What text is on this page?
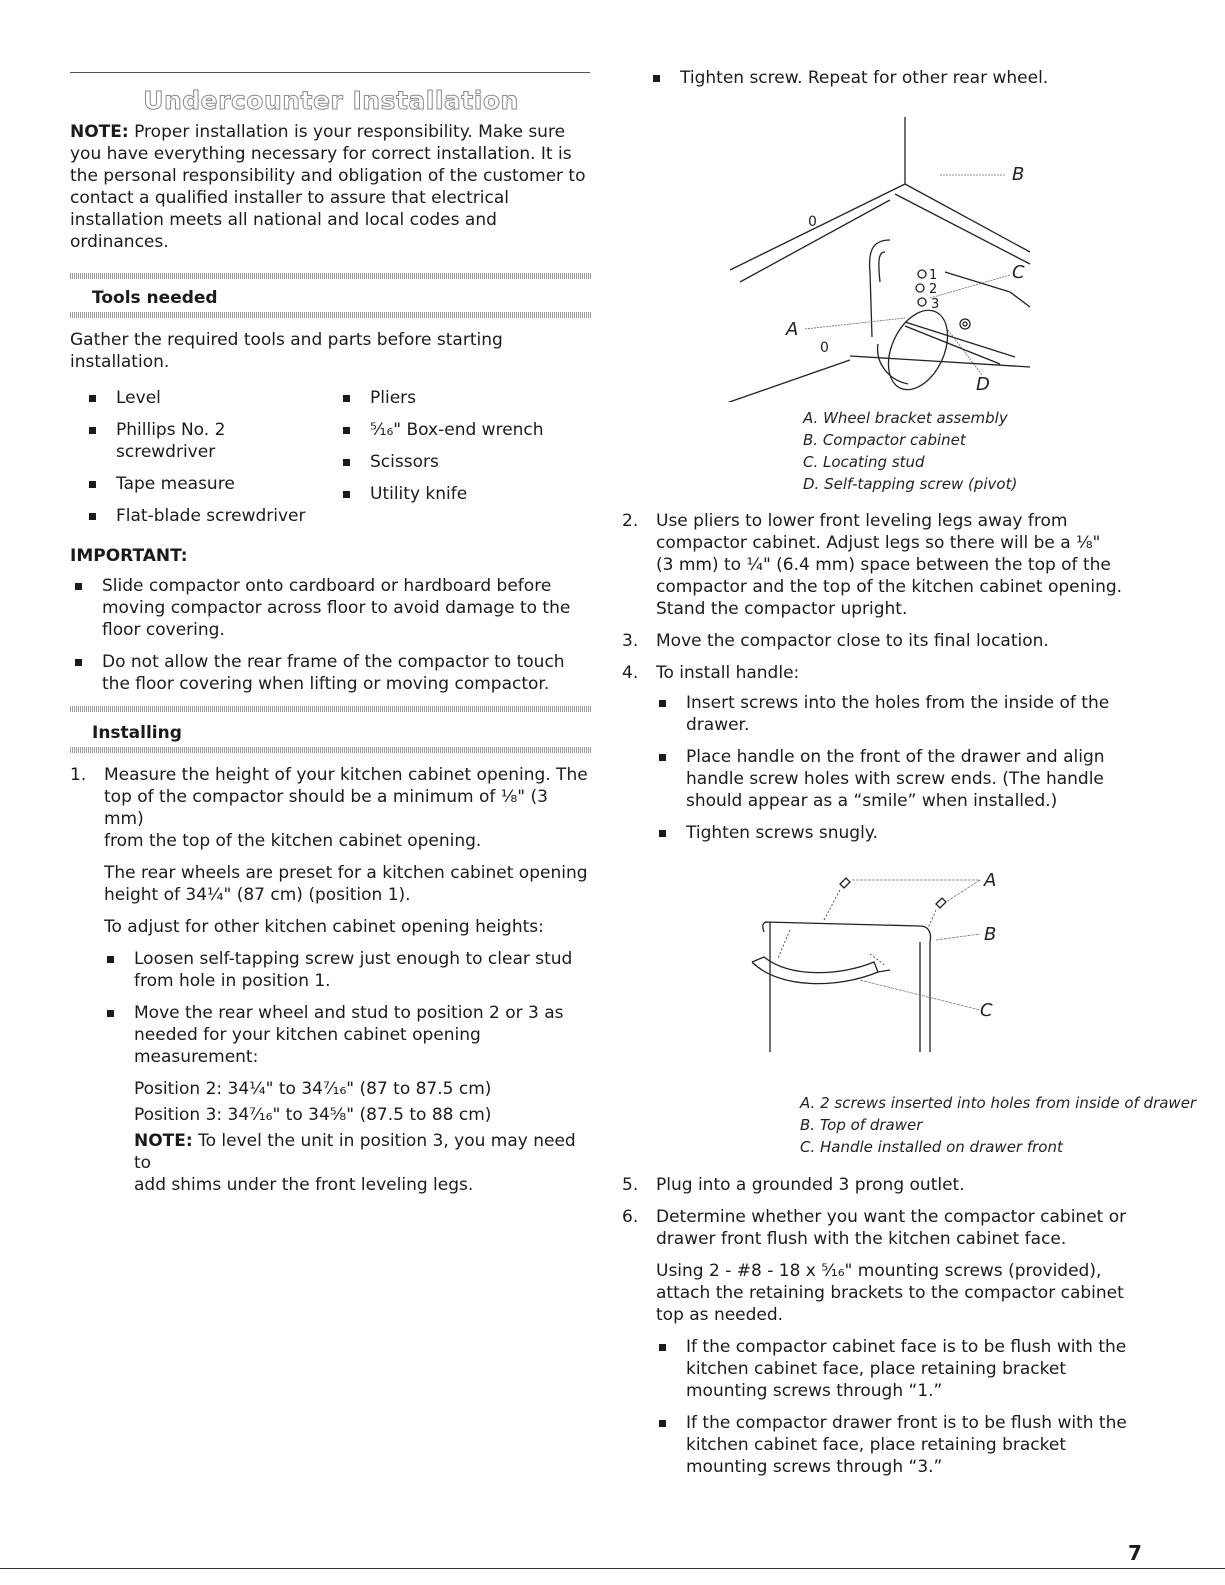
Undercounter Installation

NOTE: Proper installation is your responsibility. Make sure

you have everything necessary for correct installation. It is

the personal responsibility and obligation of the customer to

contact a qualified installer to assure that electrical

installation meets all national and local codes and

ordinances.

Tools needed

Gather the required tools and parts before starting

installation.

Level
Phillips No. 2
screwdriver
Tape measure
Flat-blade screwdriver
Pliers
⁵⁄₁₆" Box-end wrench
Scissors
Utility knife
IMPORTANT:

Slide compactor onto cardboard or hardboard before

moving compactor across floor to avoid damage to the

floor covering.

Do not allow the rear frame of the compactor to touch

the floor covering when lifting or moving compactor.

Installing
1. Measure the height of your kitchen cabinet opening. The

top of the compactor should be a minimum of ⅛" (3 mm)

from the top of the kitchen cabinet opening.

The rear wheels are preset for a kitchen cabinet opening

height of 34¼" (87 cm) (position 1).

To adjust for other kitchen cabinet opening heights:

Loosen self-tapping screw just enough to clear stud

from hole in position 1.

Move the rear wheel and stud to position 2 or 3 as

needed for your kitchen cabinet opening

measurement:

Position 2: 34¼" to 34⁷⁄₁₆" (87 to 87.5 cm)

Position 3: 34⁷⁄₁₆" to 34⁵⁄₈" (87.5 to 88 cm)

NOTE: To level the unit in position 3, you may need to

add shims under the front leveling legs.

Tighten screw. Repeat for other rear wheel.
B
C
A
D
1
2
3
0
0

A. Wheel bracket assembly

B. Compactor cabinet

C. Locating stud

D. Self-tapping screw (pivot)

2. Use pliers to lower front leveling legs away from

compactor cabinet. Adjust legs so there will be a ⅛"

(3 mm) to ¼" (6.4 mm) space between the top of the

compactor and the top of the kitchen cabinet opening.

Stand the compactor upright.

3. Move the compactor close to its final location.

4. To install handle:

Insert screws into the holes from the inside of the

drawer.

Place handle on the front of the drawer and align

handle screw holes with screw ends. (The handle

should appear as a “smile” when installed.)

Tighten screws snugly.

A
B
C

A. 2 screws inserted into holes from inside of drawer

B. Top of drawer

C. Handle installed on drawer front

5. Plug into a grounded 3 prong outlet.

6. Determine whether you want the compactor cabinet or

drawer front flush with the kitchen cabinet face.

Using 2 - #8 - 18 x ⁵⁄₁₆" mounting screws (provided),

attach the retaining brackets to the compactor cabinet

top as needed.

If the compactor cabinet face is to be flush with the

kitchen cabinet face, place retaining bracket

mounting screws through “1.”

If the compactor drawer front is to be flush with the

kitchen cabinet face, place retaining bracket

mounting screws through “3.”

7
